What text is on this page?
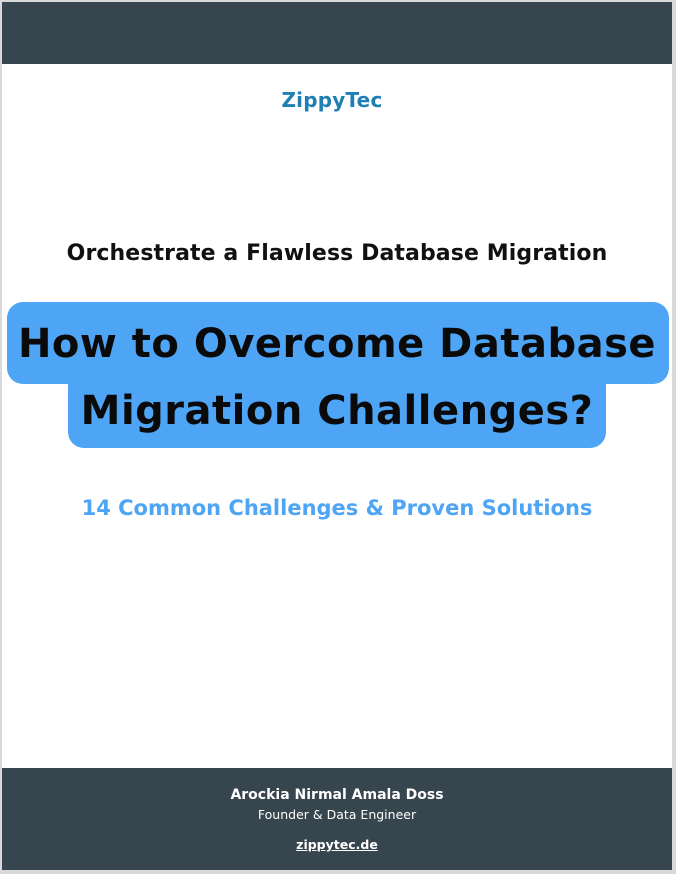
ZippyTec
Orchestrate a Flawless Database Migration
How to Overcome Database
Migration Challenges?
14 Common Challenges & Proven Solutions
Arockia Nirmal Amala Doss
Founder & Data Engineer
zippytec.de
